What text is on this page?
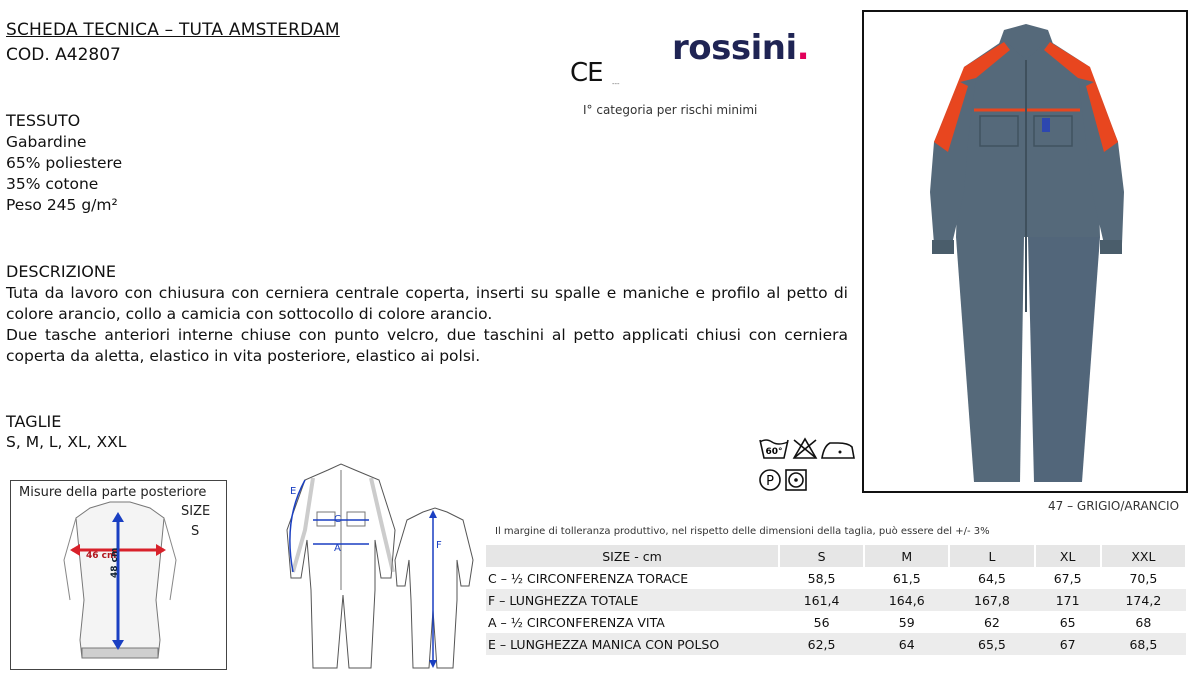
SCHEDA TECNICA – TUTA AMSTERDAM
COD. A42807	rossini.
CE ---
I° categoria per rischi minimi
TESSUTO
Gabardine
65% poliestere
35% cotone
Peso 245 g/m²
DESCRIZIONE
Tuta da lavoro con chiusura con cerniera centrale coperta, inserti su spalle e maniche e profilo al petto di colore arancio, collo a camicia con sottocollo di colore arancio.
Due tasche anteriori interne chiuse con punto velcro, due taschini al petto applicati chiusi con cerniera coperta da aletta, elastico in vita posteriore, elastico ai polsi.
TAGLIE
S, M, L, XL, XXL
47 – GRIGIO/ARANCIO
60°
P
Misure della parte posteriore
SIZE
S
46 cm
48 cm
E
C
A	F
Il margine di tolleranza produttivo, nel rispetto delle dimensioni della taglia, può essere del +/- 3%
SIZE - cm	S	M	L	XL	XXL
C – ½ CIRCONFERENZA TORACE	58,5	61,5	64,5	67,5	70,5
F – LUNGHEZZA TOTALE	161,4	164,6	167,8	171	174,2
A – ½ CIRCONFERENZA VITA	56	59	62	65	68
E – LUNGHEZZA MANICA CON POLSO	62,5	64	65,5	67	68,5
